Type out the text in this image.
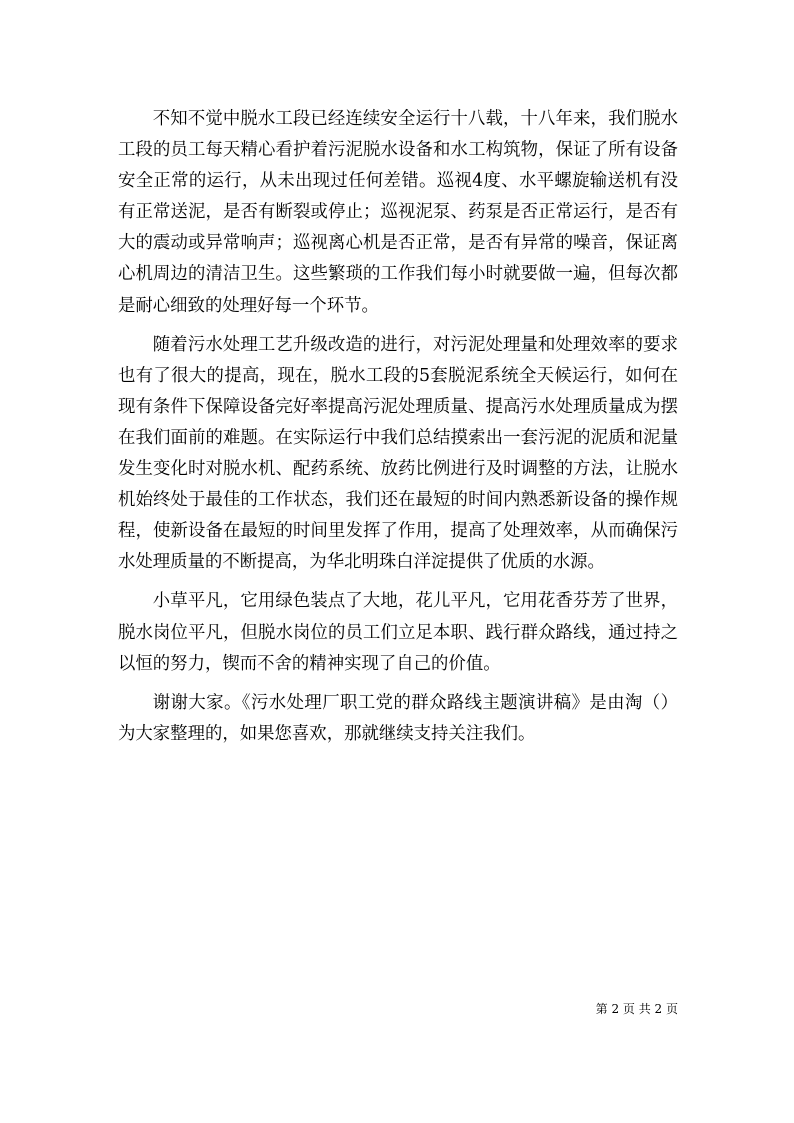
不知不觉中脱水工段已经连续安全运行十八载，十八年来，我们脱水工段的员工每天精心看护着污泥脱水设备和水工构筑物，保证了所有设备安全正常的运行，从未出现过任何差错。巡视4度、水平螺旋输送机有没有正常送泥，是否有断裂或停止；巡视泥泵、药泵是否正常运行，是否有大的震动或异常响声；巡视离心机是否正常，是否有异常的噪音，保证离心机周边的清洁卫生。这些繁琐的工作我们每小时就要做一遍，但每次都是耐心细致的处理好每一个环节。

随着污水处理工艺升级改造的进行，对污泥处理量和处理效率的要求也有了很大的提高，现在，脱水工段的5套脱泥系统全天候运行，如何在现有条件下保障设备完好率提高污泥处理质量、提高污水处理质量成为摆在我们面前的难题。在实际运行中我们总结摸索出一套污泥的泥质和泥量发生变化时对脱水机、配药系统、放药比例进行及时调整的方法，让脱水机始终处于最佳的工作状态，我们还在最短的时间内熟悉新设备的操作规程，使新设备在最短的时间里发挥了作用，提高了处理效率，从而确保污水处理质量的不断提高，为华北明珠白洋淀提供了优质的水源。

小草平凡，它用绿色装点了大地，花儿平凡，它用花香芬芳了世界，脱水岗位平凡，但脱水岗位的员工们立足本职、践行群众路线，通过持之以恒的努力，锲而不舍的精神实现了自己的价值。

谢谢大家。《污水处理厂职工党的群众路线主题演讲稿》是由淘（）为大家整理的，如果您喜欢，那就继续支持关注我们。

第 2 页 共 2 页
